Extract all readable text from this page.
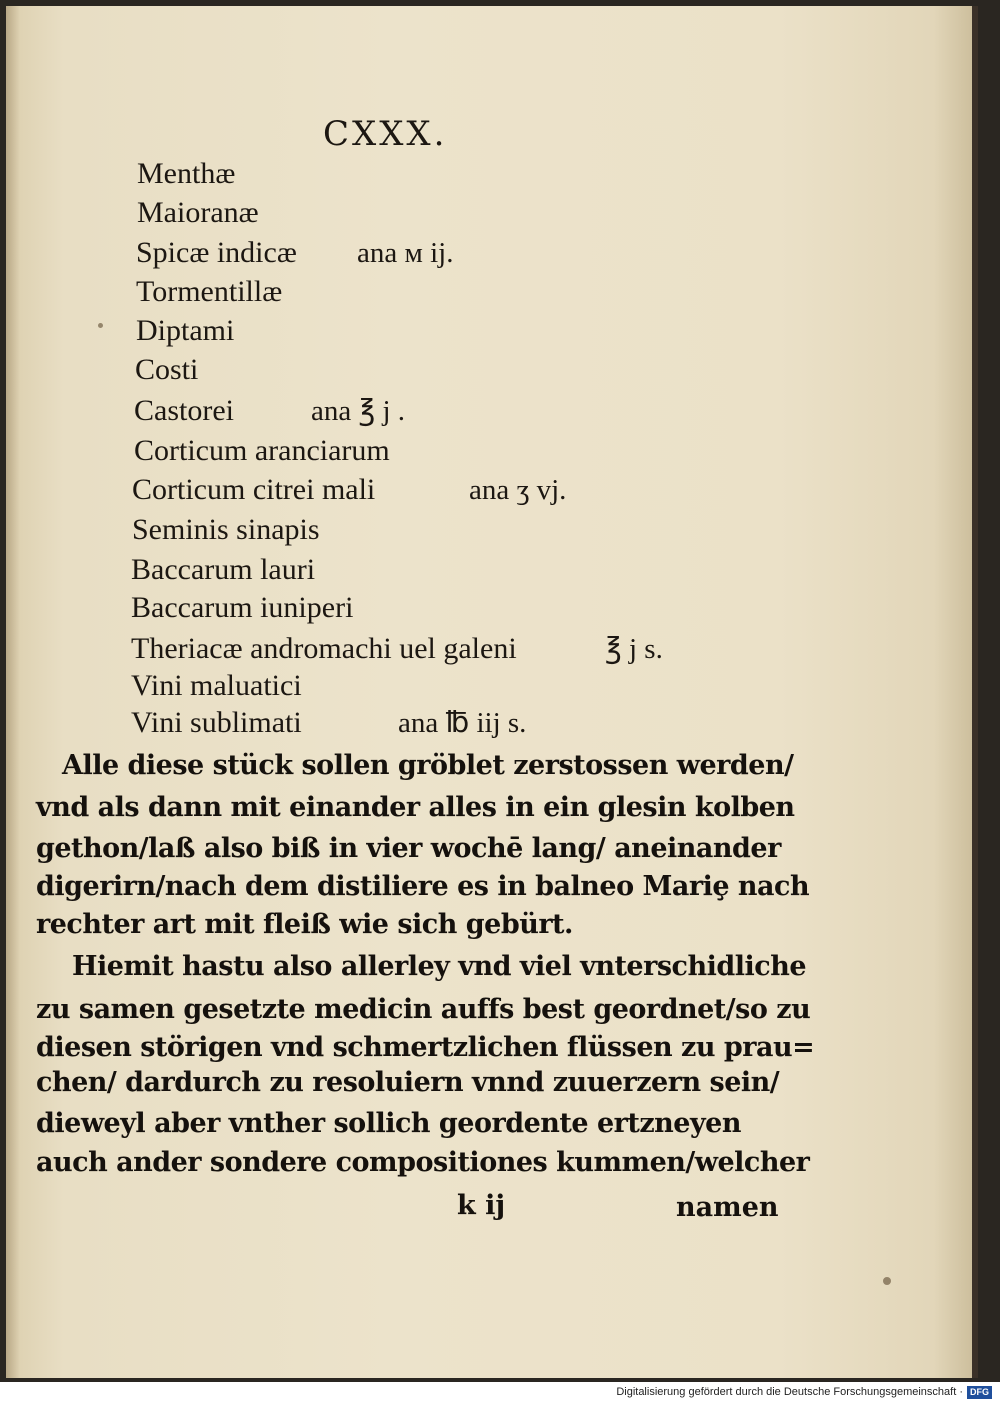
CXXX.
Menthæ
Maioranæ
Spicæ indicæ ana м ij.
Tormentillæ
Diptami
Costi
Castorei	ana ℥ j .
Corticum aranciarum
Corticum citrei mali	ana ʒ vj.
Seminis sinapis
Baccarum lauri
Baccarum iuniperi
Theriacæ andromachi uel galeni	℥ j s.
Vini maluatici
Vini sublimati	ana ℔ iij s.
Alle diese stück sollen gröblet zerstossen werden/
vnd als dann mit einander alles in ein glesin kolben
gethon/laß also biß in vier wochē lang/ aneinander
digerirn/nach dem distiliere es in balneo Mariȩ nach
rechter art mit fleiß wie sich gebürt.
Hiemit hastu also allerley vnd viel vnterschidliche
zu samen gesetzte medicin auffs best geordnet/so zu
diesen störigen vnd schmertzlichen flüssen zu prau=
chen/ dardurch zu resoluiern vnnd zuuerzern sein/
dieweyl aber vnther sollich geordente ertzneyen
auch ander sondere compositiones kummen/welcher
k ij	namen
Digitalisierung gefördert durch die Deutsche Forschungsgemeinschaft · DFG
